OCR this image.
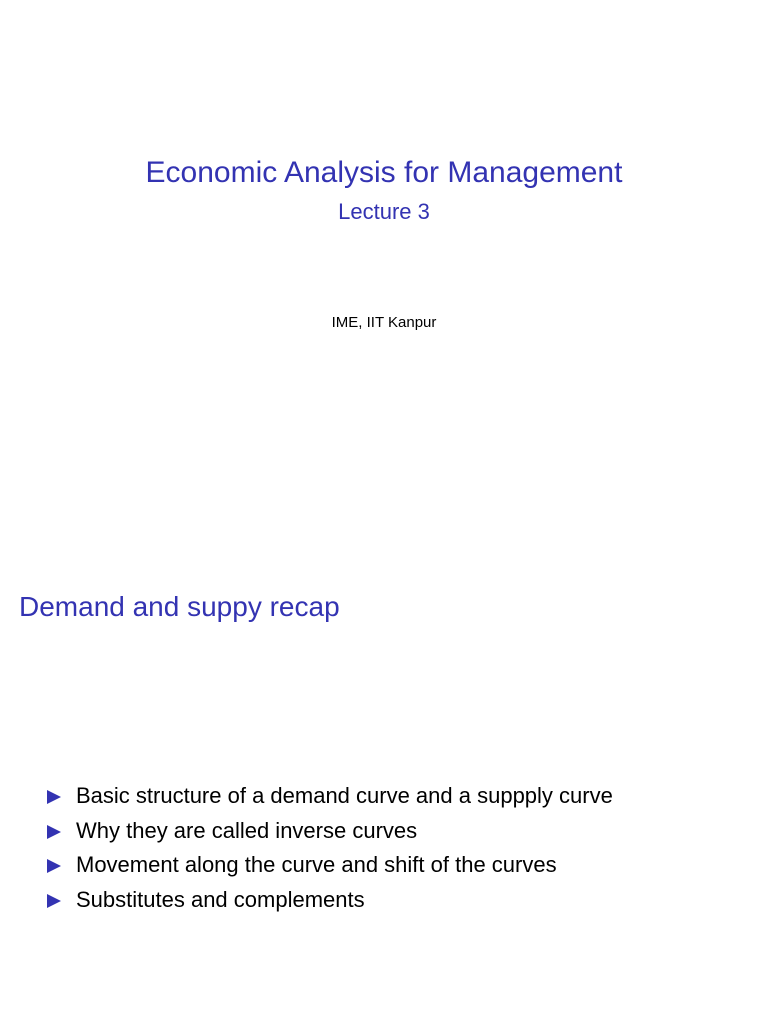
Economic Analysis for Management
Lecture 3
IME, IIT Kanpur
Demand and suppy recap
Basic structure of a demand curve and a suppply curve
Why they are called inverse curves
Movement along the curve and shift of the curves
Substitutes and complements
